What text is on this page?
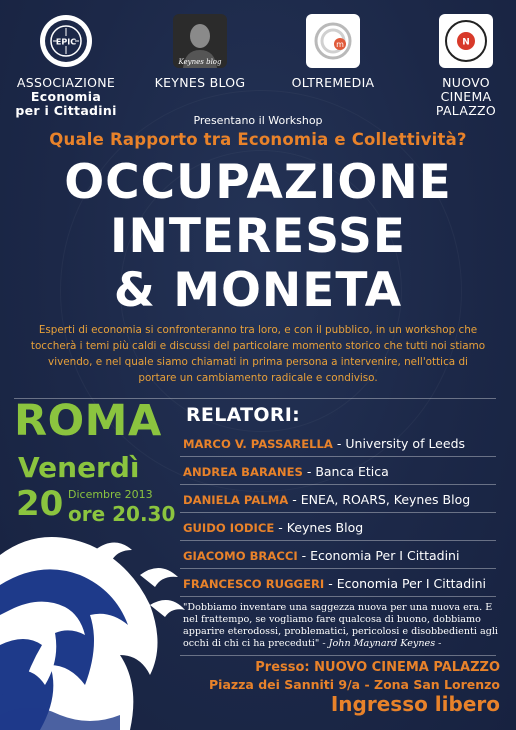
EPIC
ASSOCIAZIONE
Economia
per i Cittadini
Keynes blog
KEYNES BLOG
m
OLTREMEDIA
N
NUOVO
CINEMA
PALAZZO
Presentano il Workshop
Quale Rapporto tra Economia e Collettività?
OCCUPAZIONE
INTERESSE
& MONETA
Esperti di economia si confronteranno tra loro, e con il pubblico, in un workshop che toccherà i temi più caldi e discussi del particolare momento storico che tutti noi stiamo vivendo, e nel quale siamo chiamati in prima persona a intervenire, nell'ottica di portare un cambiamento radicale e condiviso.
ROMA
Venerdì
20 Dicembre 2013
ore 20.30
RELATORI:
MARCO V. PASSARELLA - University of Leeds
ANDREA BARANES - Banca Etica
DANIELA PALMA - ENEA, ROARS, Keynes Blog
GUIDO IODICE - Keynes Blog
GIACOMO BRACCI - Economia Per I Cittadini
FRANCESCO RUGGERI - Economia Per I Cittadini
"Dobbiamo inventare una saggezza nuova per una nuova era. E nel frattempo, se vogliamo fare qualcosa di buono, dobbiamo apparire eterodossi, problematici, pericolosi e disobbedienti agli occhi di chi ci ha preceduti" - John Maynard Keynes -
Presso: NUOVO CINEMA PALAZZO
Piazza dei Sanniti 9/a - Zona San Lorenzo
Ingresso libero
